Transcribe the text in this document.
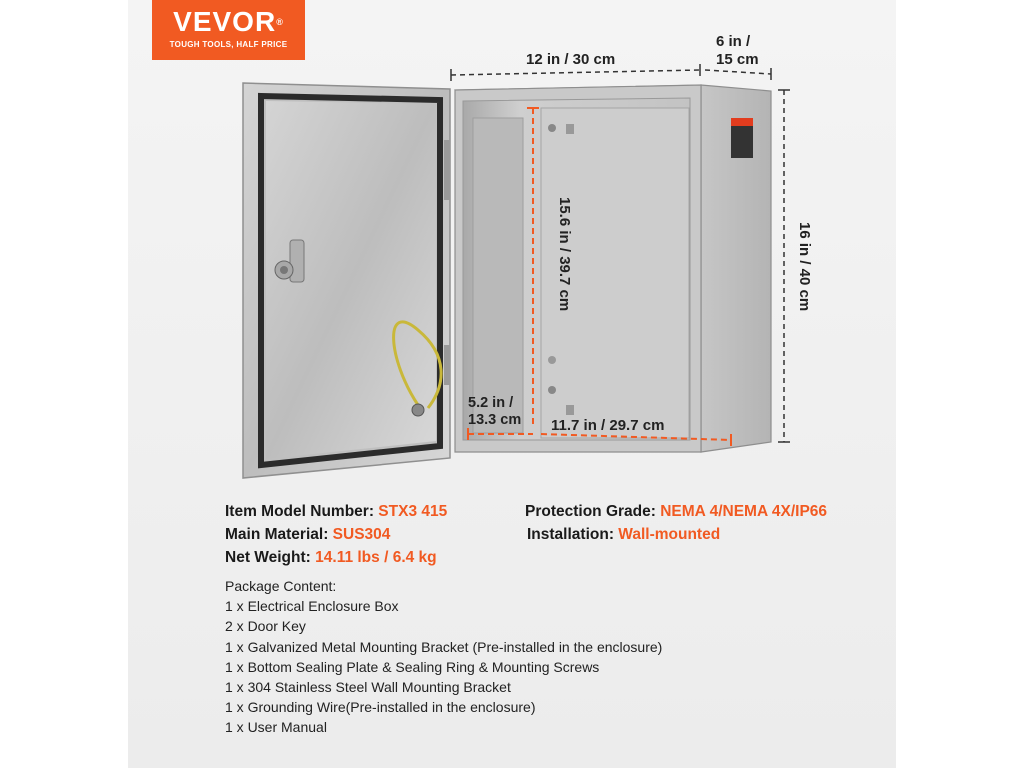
VEVOR®
TOUGH TOOLS, HALF PRICE
12 in / 30 cm
6 in /
15 cm
16 in / 40 cm
15.6 in / 39.7 cm
5.2 in /
13.3 cm 11.7 in / 29.7 cm
Item Model Number: STX3 415
Main Material: SUS304
Net Weight: 14.11 lbs / 6.4 kg
Protection Grade: NEMA 4/NEMA 4X/IP66
Installation: Wall-mounted
Package Content:
1 x Electrical Enclosure Box
2 x Door Key
1 x Galvanized Metal Mounting Bracket (Pre-installed in the enclosure)
1 x Bottom Sealing Plate & Sealing Ring & Mounting Screws
1 x 304 Stainless Steel Wall Mounting Bracket
1 x Grounding Wire(Pre-installed in the enclosure)
1 x User Manual
